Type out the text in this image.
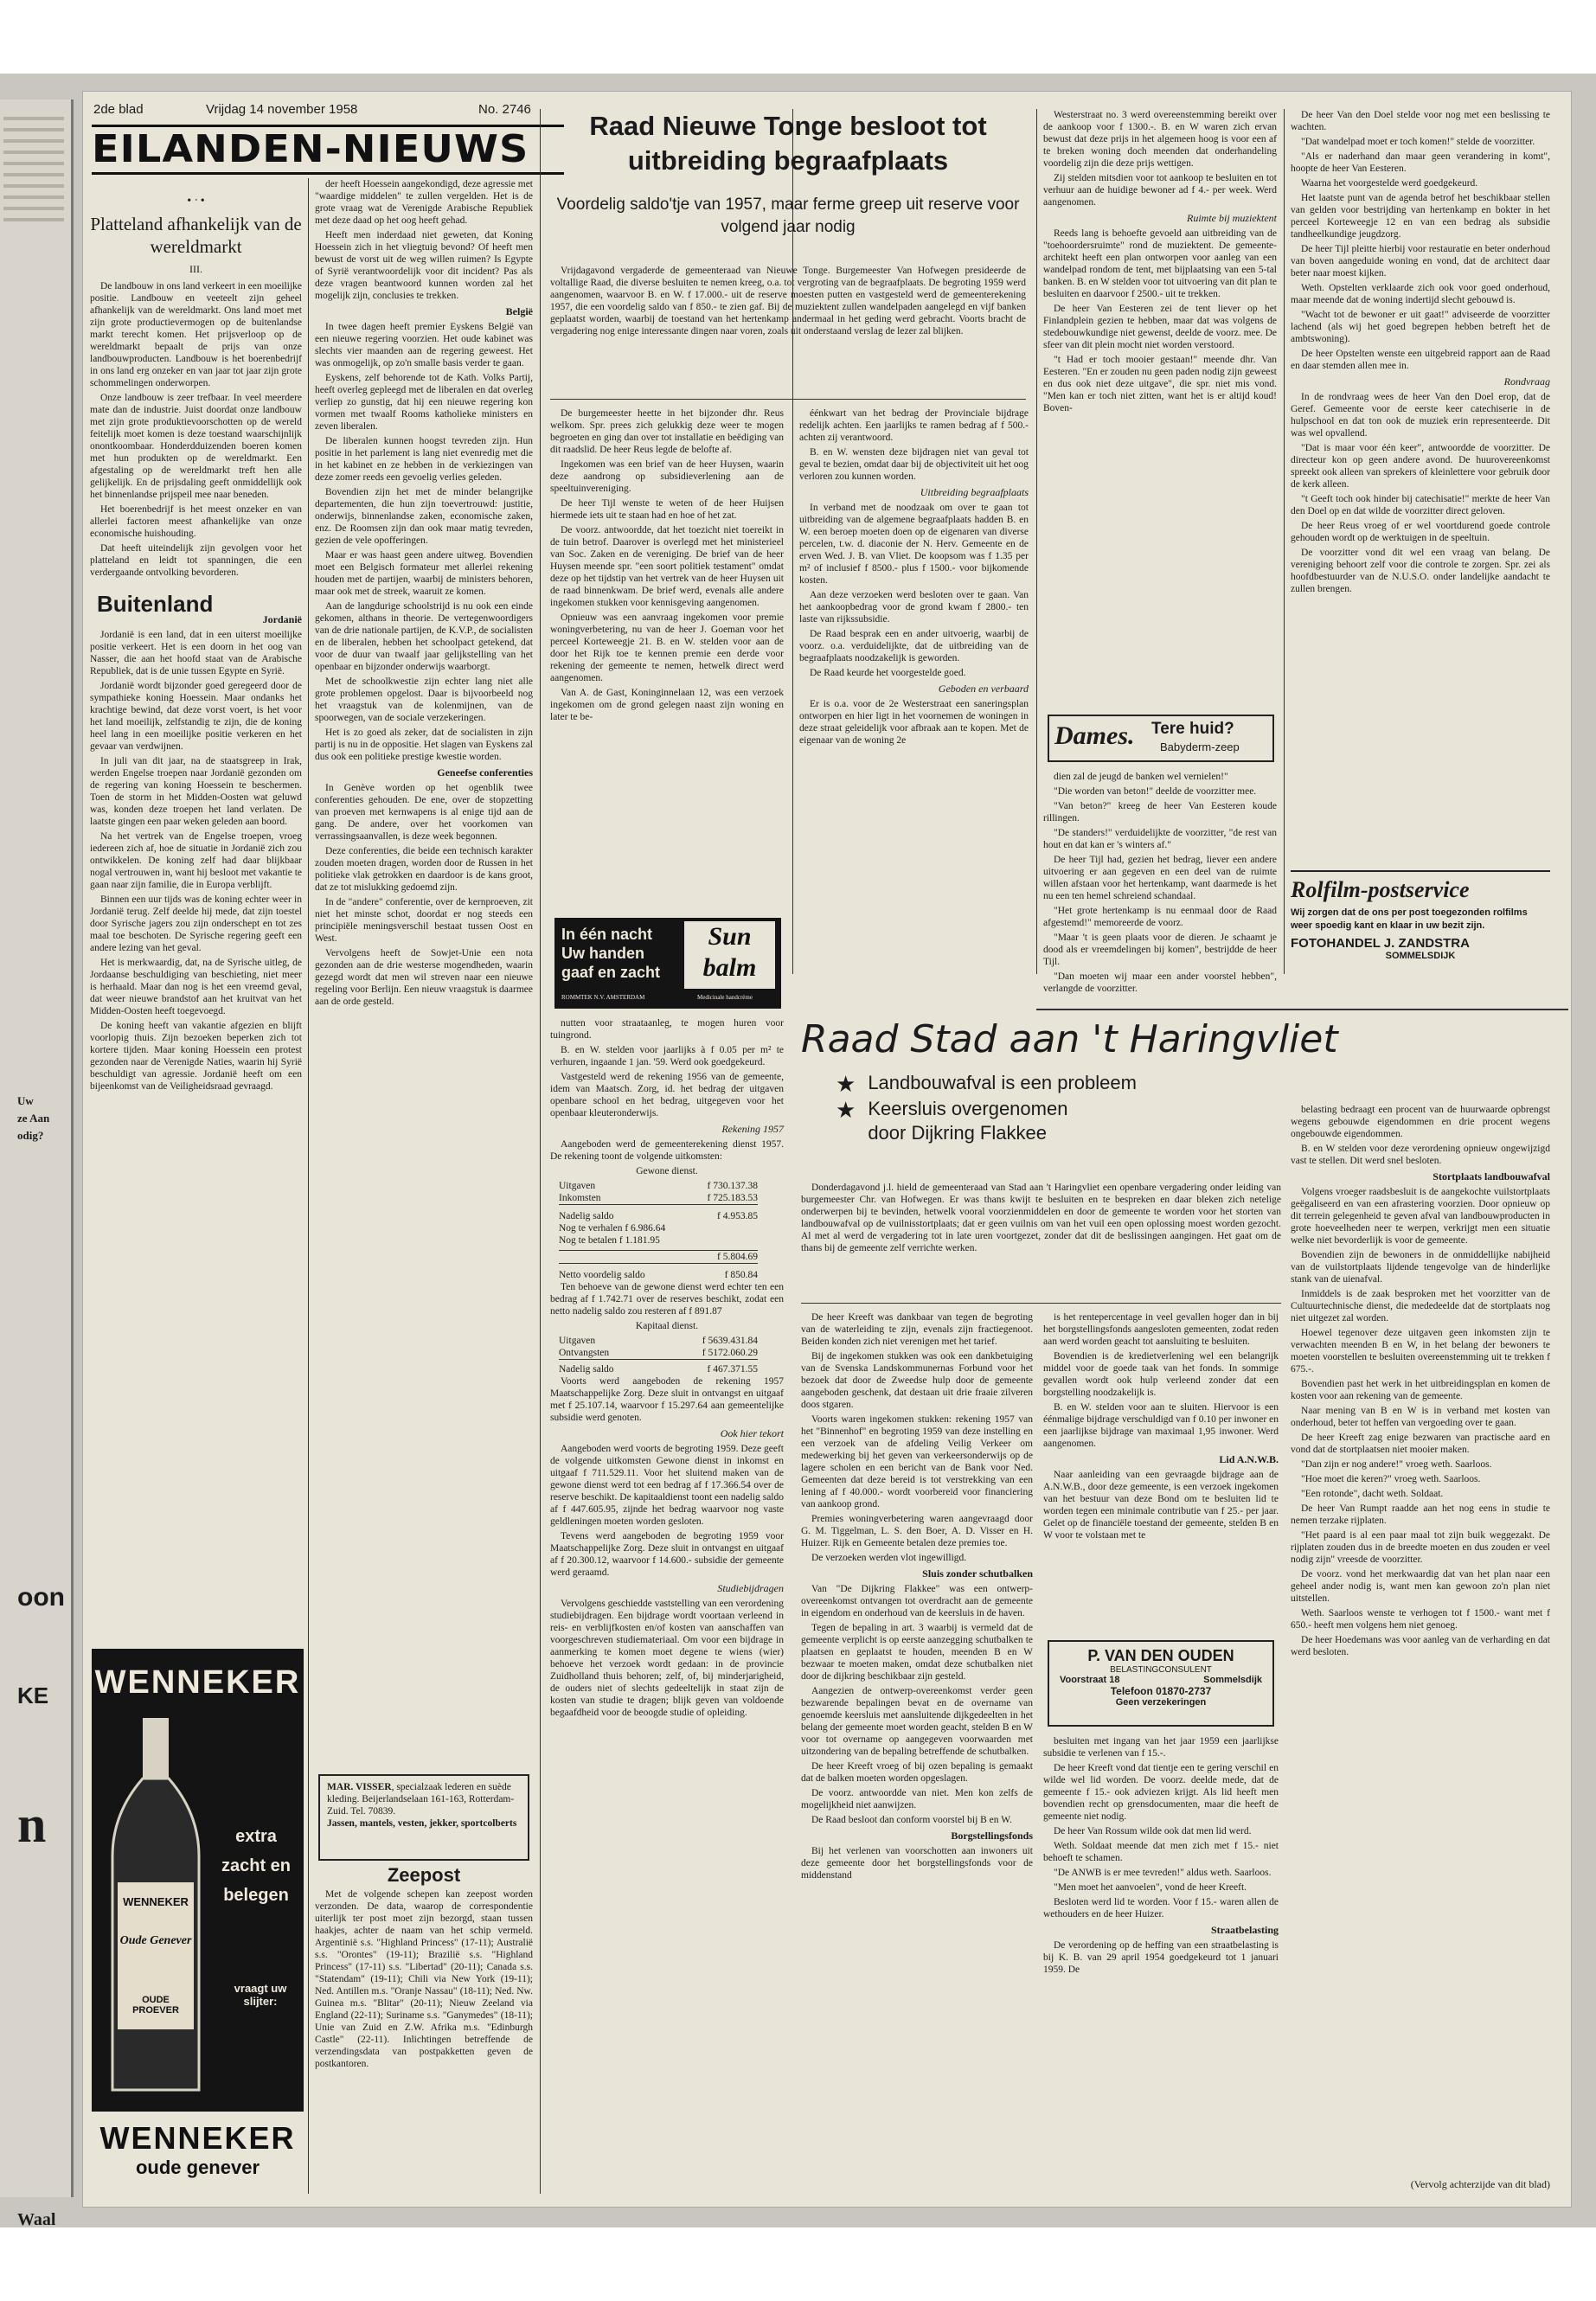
Uw
ze Aan
odig?
oon
KE
n
Waal
2de blad	Vrijdag 14 november 1958	No. 2746
EILANDEN-NIEUWS
• ᐧ •
Platteland afhankelijk van de wereldmarkt
III.

De landbouw in ons land verkeert in een moeilijke positie. Landbouw en veeteelt zijn geheel afhankelijk van de wereldmarkt. Ons land moet met zijn grote productievermogen op de buitenlandse markt terecht komen. Het prijsverloop op de wereldmarkt bepaalt de prijs van onze landbouwproducten. Landbouw is het boerenbedrijf in ons land erg onzeker en van jaar tot jaar zijn grote schommelingen onderworpen.

Onze landbouw is zeer trefbaar. In veel meerdere mate dan de industrie. Juist doordat onze landbouw met zijn grote produktievoorschotten op de wereld feitelijk moet komen is deze toestand waarschijnlijk onontkoombaar. Honderdduizenden boeren komen met hun produkten op de wereldmarkt. Een afgestaling op de wereldmarkt treft hen alle gelijkelijk. En de prijsdaling geeft onmiddellijk ook het binnenlandse prijspeil mee naar beneden.

Het boerenbedrijf is het meest onzeker en van allerlei factoren meest afhankelijke van onze economische huishouding.

Dat heeft uiteindelijk zijn gevolgen voor het platteland en leidt tot spanningen, die een verdergaande ontvolking bevorderen.

Buitenland
Jordanië

Jordanië is een land, dat in een uiterst moeilijke positie verkeert. Het is een doorn in het oog van Nasser, die aan het hoofd staat van de Arabische Republiek, dat is de unie tussen Egypte en Syrië.

Jordanië wordt bijzonder goed geregeerd door de sympathieke koning Hoessein. Maar ondanks het krachtige bewind, dat deze vorst voert, is het voor het land moeilijk, zelfstandig te zijn, die de koning heel lang in een moeilijke positie verkeren en het gevaar van verdwijnen.

In juli van dit jaar, na de staatsgreep in Irak, werden Engelse troepen naar Jordanië gezonden om de regering van koning Hoessein te beschermen. Toen de storm in het Midden-Oosten wat geluwd was, konden deze troepen het land verlaten. De laatste gingen een paar weken geleden aan boord.

Na het vertrek van de Engelse troepen, vroeg iedereen zich af, hoe de situatie in Jordanië zich zou ontwikkelen. De koning zelf had daar blijkbaar nogal vertrouwen in, want hij besloot met vakantie te gaan naar zijn familie, die in Europa verblijft.

Binnen een uur tijds was de koning echter weer in Jordanië terug. Zelf deelde hij mede, dat zijn toestel door Syrische jagers zou zijn onderschept en tot zes maal toe beschoten. De Syrische regering geeft een andere lezing van het geval.

Het is merkwaardig, dat, na de Syrische uitleg, de Jordaanse beschuldiging van beschieting, niet meer is herhaald. Maar dan nog is het een vreemd geval, dat weer nieuwe brandstof aan het kruitvat van het Midden-Oosten heeft toegevoegd.

De koning heeft van vakantie afgezien en blijft voorlopig thuis. Zijn bezoeken beperken zich tot kortere tijden. Maar koning Hoessein een protest gezonden naar de Verenigde Naties, waarin hij Syrië beschuldigt van agressie. Jordanië heeft om een bijeenkomst van de Veiligheidsraad gevraagd.

WENNEKER
WENNEKER
Oude Genever
OUDE PROEVER
extra
zacht en
belegen
vraagt uw slijter:
WENNEKER
oude genever

der heeft Hoessein aangekondigd, deze agressie met "waardige middelen" te zullen vergelden. Het is de grote vraag wat de Verenigde Arabische Republiek met deze daad op het oog heeft gehad.

Heeft men inderdaad niet geweten, dat Koning Hoessein zich in het vliegtuig bevond? Of heeft men bewust de vorst uit de weg willen ruimen? Is Egypte of Syrië verantwoordelijk voor dit incident? Pas als deze vragen beantwoord kunnen worden zal het mogelijk zijn, conclusies te trekken.

België

In twee dagen heeft premier Eyskens België van een nieuwe regering voorzien. Het oude kabinet was slechts vier maanden aan de regering geweest. Het was onmogelijk, op zo'n smalle basis verder te gaan.

Eyskens, zelf behorende tot de Kath. Volks Partij, heeft overleg gepleegd met de liberalen en dat overleg verliep zo gunstig, dat hij een nieuwe regering kon vormen met twaalf Rooms katholieke ministers en zeven liberalen.

De liberalen kunnen hoogst tevreden zijn. Hun positie in het parlement is lang niet evenredig met die in het kabinet en ze hebben in de verkiezingen van deze zomer reeds een gevoelig verlies geleden.

Bovendien zijn het met de minder belangrijke departementen, die hun zijn toevertrouwd: justitie, onderwijs, binnenlandse zaken, economische zaken, enz. De Roomsen zijn dan ook maar matig tevreden, gezien de vele opofferingen.

Maar er was haast geen andere uitweg. Bovendien moet een Belgisch formateur met allerlei rekening houden met de partijen, waarbij de ministers behoren, maar ook met de streek, waaruit ze komen.

Aan de langdurige schoolstrijd is nu ook een einde gekomen, althans in theorie. De vertegenwoordigers van de drie nationale partijen, de K.V.P., de socialisten en de liberalen, hebben het schoolpact getekend, dat voor de duur van twaalf jaar gelijkstelling van het openbaar en bijzonder onderwijs waarborgt.

Met de schoolkwestie zijn echter lang niet alle grote problemen opgelost. Daar is bijvoorbeeld nog het vraagstuk van de kolenmijnen, van de spoorwegen, van de sociale verzekeringen.

Het is zo goed als zeker, dat de socialisten in zijn partij is nu in de oppositie. Het slagen van Eyskens zal dus ook een politieke prestige kwestie worden.

Geneefse conferenties

In Genève worden op het ogenblik twee conferenties gehouden. De ene, over de stopzetting van proeven met kernwapens is al enige tijd aan de gang. De andere, over het voorkomen van verrassingsaanvallen, is deze week begonnen.

Deze conferenties, die beide een technisch karakter zouden moeten dragen, worden door de Russen in het politieke vlak getrokken en daardoor is de kans groot, dat ze tot mislukking gedoemd zijn.

In de "andere" conferentie, over de kernproeven, zit niet het minste schot, doordat er nog steeds een principiële meningsverschil bestaat tussen Oost en West.

Vervolgens heeft de Sowjet-Unie een nota gezonden aan de drie westerse mogendheden, waarin gezegd wordt dat men wil streven naar een nieuwe regeling voor Berlijn. Een nieuw vraagstuk is daarmee aan de orde gesteld.

MAR. VISSER, specialzaak lederen en suède kleding. Beijerlandselaan 161-163, Rotterdam-Zuid. Tel. 70839.
Jassen, mantels, vesten, jekker, sportcolberts
Zeepost

Met de volgende schepen kan zeepost worden verzonden. De data, waarop de correspondentie uiterlijk ter post moet zijn bezorgd, staan tussen haakjes, achter de naam van het schip vermeld. Argentinië s.s. "Highland Princess" (17-11); Australië s.s. "Orontes" (19-11); Brazilië s.s. "Highland Princess" (17-11) s.s. "Libertad" (20-11); Canada s.s. "Statendam" (19-11); Chili via New York (19-11); Ned. Antillen m.s. "Oranje Nassau" (18-11); Ned. Nw. Guinea m.s. "Blitar" (20-11); Nieuw Zeeland via England (22-11); Suriname s.s. "Ganymedes" (18-11); Unie van Zuid en Z.W. Afrika m.s. "Edinburgh Castle" (22-11). Inlichtingen betreffende de verzendingsdata van postpakketten geven de postkantoren.

Raad Nieuwe Tonge besloot tot uitbreiding begraafplaats
Voordelig saldo'tje van 1957, maar ferme greep uit reserve voor volgend jaar nodig

Vrijdagavond vergaderde de gemeenteraad van Nieuwe Tonge. Burgemeester Van Hofwegen presideerde de voltallige Raad, die diverse besluiten te nemen kreeg, o.a. tot vergroting van de begraafplaats. De begroting 1959 werd aangenomen, waarvoor B. en W. f 17.000.- uit de reserve moesten putten en vastgesteld werd de gemeenterekening 1957, die een voordelig saldo van f 850.- te zien gaf. Bij de muziektent zullen wandelpaden aangelegd en vijf banken geplaatst worden, waarbij de toestand van het hertenkamp andermaal in het geding werd gebracht. Voorts bracht de vergadering nog enige interessante dingen naar voren, zoals uit onderstaand verslag de lezer zal blijken.

De burgemeester heette in het bijzonder dhr. Reus welkom. Spr. prees zich gelukkig deze weer te mogen begroeten en ging dan over tot installatie en beëdiging van dit raadslid. De heer Reus legde de belofte af.

Ingekomen was een brief van de heer Huysen, waarin deze aandrong op subsidieverlening aan de speeltuinvereniging.

De heer Tijl wenste te weten of de heer Huijsen hiermede iets uit te staan had en hoe of het zat.

De voorz. antwoordde, dat het toezicht niet toereikt in de tuin betrof. Daarover is overlegd met het ministerieel van Soc. Zaken en de vereniging. De brief van de heer Huysen meende spr. "een soort politiek testament" omdat deze op het tijdstip van het vertrek van de heer Huysen uit de raad binnenkwam. De brief werd, evenals alle andere ingekomen stukken voor kennisgeving aangenomen.

Opnieuw was een aanvraag ingekomen voor premie woningverbetering, nu van de heer J. Goeman voor het perceel Korteweegje 21. B. en W. stelden voor aan de door het Rijk toe te kennen premie een derde voor rekening der gemeente te nemen, hetwelk direct werd aangenomen.

Van A. de Gast, Koninginnelaan 12, was een verzoek ingekomen om de grond gelegen naast zijn woning en later te be-

In één nacht
Uw handen
gaaf en zacht
Sun
balm
ROMMTEK N.V. AMSTERDAM	Medicinale handcrème

nutten voor straataanleg, te mogen huren voor tuingrond.

B. en W. stelden voor jaarlijks à f 0.05 per m² te verhuren, ingaande 1 jan. '59. Werd ook goedgekeurd.

Vastgesteld werd de rekening 1956 van de gemeente, idem van Maatsch. Zorg, id. het bedrag der uitgaven openbare school en het bedrag, uitgegeven voor het openbaar kleuteronderwijs.

Rekening 1957

Aangeboden werd de gemeenterekening dienst 1957. De rekening toont de volgende uitkomsten:

Gewone dienst.
Uitgaven	f 730.137.38
Inkomsten	f 725.183.53
Nadelig saldo	f 4.953.85
Nog te verhalen f 6.986.64
Nog te betalen f 1.181.95
f 5.804.69
Netto voordelig saldo	f 850.84

Ten behoeve van de gewone dienst werd echter ten een bedrag af f 1.742.71 over de reserves beschikt, zodat een netto nadelig saldo zou resteren af f 891.87

Kapitaal dienst.
Uitgaven	f 5639.431.84
Ontvangsten	f 5172.060.29
Nadelig saldo	f 467.371.55

Voorts werd aangeboden de rekening 1957 Maatschappelijke Zorg. Deze sluit in ontvangst en uitgaaf met f 25.107.14, waarvoor f 15.297.64 aan gemeentelijke subsidie werd genoten.

Ook hier tekort

Aangeboden werd voorts de begroting 1959. Deze geeft de volgende uitkomsten Gewone dienst in inkomst en uitgaaf f 711.529.11. Voor het sluitend maken van de gewone dienst werd tot een bedrag af f 17.366.54 over de reserve beschikt. De kapitaaldienst toont een nadelig saldo af f 447.605.95, zijnde het bedrag waarvoor nog vaste geldleningen moeten worden gesloten.

Tevens werd aangeboden de begroting 1959 voor Maatschappelijke Zorg. Deze sluit in ontvangst en uitgaaf af f 20.300.12, waarvoor f 14.600.- subsidie der gemeente werd geraamd.

Studiebijdragen

Vervolgens geschiedde vaststelling van een verordening studiebijdragen. Een bijdrage wordt voortaan verleend in reis- en verblijfkosten en/of kosten van aanschaffen van voorgeschreven studiemateriaal. Om voor een bijdrage in aanmerking te komen moet degene te wiens (wier) behoeve het verzoek wordt gedaan: in de provincie Zuidholland thuis behoren; zelf, of, bij minderjarigheid, de ouders niet of slechts gedeeltelijk in staat zijn de kosten van studie te dragen; blijk geven van voldoende begaafdheid voor de beoogde studie of opleiding.

éénkwart van het bedrag der Provinciale bijdrage redelijk achten. Een jaarlijks te ramen bedrag af f 500.- achten zij verantwoord.

B. en W. wensten deze bijdragen niet van geval tot geval te bezien, omdat daar bij de objectiviteit uit het oog verloren zou kunnen worden.

Uitbreiding begraafplaats

In verband met de noodzaak om over te gaan tot uitbreiding van de algemene begraafplaats hadden B. en W. een beroep moeten doen op de eigenaren van diverse percelen, t.w. d. diaconie der N. Herv. Gemeente en de erven Wed. J. B. van Vliet. De koopsom was f 1.35 per m² of inclusief f 8500.- plus f 1500.- voor bijkomende kosten.

Aan deze verzoeken werd besloten over te gaan. Van het aankoopbedrag voor de grond kwam f 2800.- ten laste van rijkssubsidie.

De Raad besprak een en ander uitvoerig, waarbij de voorz. o.a. verduidelijkte, dat de uitbreiding van de begraafplaats noodzakelijk is geworden.

De Raad keurde het voorgestelde goed.

Geboden en verbaard

Er is o.a. voor de 2e Westerstraat een saneringsplan ontworpen en hier ligt in het voornemen de woningen in deze straat geleidelijk voor afbraak aan te kopen. Met de eigenaar van de woning 2e

Westerstraat no. 3 werd overeenstemming bereikt over de aankoop voor f 1300.-. B. en W waren zich ervan bewust dat deze prijs in het algemeen hoog is voor een af te breken woning doch meenden dat onderhandeling voordelig zijn die deze prijs wettigen.

Zij stelden mitsdien voor tot aankoop te besluiten en tot verhuur aan de huidige bewoner ad f 4.- per week. Werd aangenomen.

Ruimte bij muziektent

Reeds lang is behoefte gevoeld aan uitbreiding van de "toehoordersruimte" rond de muziektent. De gemeente-architekt heeft een plan ontworpen voor aanleg van een wandelpad rondom de tent, met bijplaatsing van een 5-tal banken. B. en W stelden voor tot uitvoering van dit plan te besluiten en daarvoor f 2500.- uit te trekken.

De heer Van Eesteren zei de tent liever op het Finlandplein gezien te hebben, maar dat was volgens de stedebouwkundige niet gewenst, deelde de voorz. mee. De sfeer van dit plein mocht niet worden verstoord.

"t Had er toch mooier gestaan!" meende dhr. Van Eesteren. "En er zouden nu geen paden nodig zijn geweest en dus ook niet deze uitgave", die spr. niet mis vond. "Men kan er toch niet zitten, want het is er altijd koud! Boven-

Dames. Tere huid?
Babyderm-zeep

dien zal de jeugd de banken wel vernielen!"

"Die worden van beton!" deelde de voorzitter mee.

"Van beton?" kreeg de heer Van Eesteren koude rillingen.

"De standers!" verduidelijkte de voorzitter, "de rest van hout en dat kan er 's winters af."

De heer Tijl had, gezien het bedrag, liever een andere uitvoering er aan gegeven en een deel van de ruimte willen afstaan voor het hertenkamp, want daarmede is het nu een ten hemel schreiend schandaal.

"Het grote hertenkamp is nu eenmaal door de Raad afgestemd!" memoreerde de voorz.

"Maar 't is geen plaats voor de dieren. Je schaamt je dood als er vreemdelingen bij komen", bestrijdde de heer Tijl.

"Dan moeten wij maar een ander voorstel hebben", verlangde de voorzitter.

De heer Van den Doel stelde voor nog met een beslissing te wachten.

"Dat wandelpad moet er toch komen!" stelde de voorzitter.

"Als er naderhand dan maar geen verandering in komt", hoopte de heer Van Eesteren.

Waarna het voorgestelde werd goedgekeurd.

Het laatste punt van de agenda betrof het beschikbaar stellen van gelden voor bestrijding van hertenkamp en bokter in het perceel Korteweegje 12 en van een bedrag als subsidie tandheelkundige jeugdzorg.

De heer Tijl pleitte hierbij voor restauratie en beter onderhoud van boven aangeduide woning en vond, dat de architect daar beter naar moest kijken.

Weth. Opstelten verklaarde zich ook voor goed onderhoud, maar meende dat de woning indertijd slecht gebouwd is.

"Wacht tot de bewoner er uit gaat!" adviseerde de voorzitter lachend (als wij het goed begrepen hebben betreft het de ambtswoning).

De heer Opstelten wenste een uitgebreid rapport aan de Raad en daar stemden allen mee in.

Rondvraag

In de rondvraag wees de heer Van den Doel erop, dat de Geref. Gemeente voor de eerste keer catechiserie in de hulpschool en dat ton ook de muziek erin representeerde. Dit was wel opvallend.

"Dat is maar voor één keer", antwoordde de voorzitter. De directeur kon op geen andere avond. De huurovereenkomst spreekt ook alleen van sprekers of kleinlettere voor gebruik door de kerk alleen.

"t Geeft toch ook hinder bij catechisatie!" merkte de heer Van den Doel op en dat wilde de voorzitter direct geloven.

De heer Reus vroeg of er wel voortdurend goede controle gehouden wordt op de werktuigen in de speeltuin.

De voorzitter vond dit wel een vraag van belang. De vereniging behoort zelf voor die controle te zorgen. Spr. zei als hoofdbestuurder van de N.U.S.O. onder landelijke aandacht te zullen brengen.

Rolfilm-postservice
Wij zorgen dat de ons per post toegezonden rolfilms weer spoedig kant en klaar in uw bezit zijn.
FOTOHANDEL J. ZANDSTRA
SOMMELSDIJK
Raad Stad aan 't Haringvliet
★ Landbouwafval is een probleem
★ Keersluis overgenomen door Dijkring Flakkee

Donderdagavond j.l. hield de gemeenteraad van Stad aan 't Haringvliet een openbare vergadering onder leiding van burgemeester Chr. van Hofwegen. Er was thans kwijt te besluiten en te bespreken en daar bleken zich netelige onderwerpen bij te bevinden, hetwelk vooral voorzienmiddelen en door de gemeente te worden voor het storten van landbouwafval op de vuilnisstortplaats; dat er geen vuilnis om van het vuil een open oplossing moest worden gezocht. Al met al werd de vergadering tot in late uren voortgezet, zonder dat dit de beslissingen aangingen. Het gaat om de thans bij de gemeente zelf verrichte werken.

De heer Kreeft was dankbaar van tegen de begroting van de waterleiding te zijn, evenals zijn fractiegenoot. Beiden konden zich niet verenigen met het tarief.

Bij de ingekomen stukken was ook een dankbetuiging van de Svenska Landskommunernas Forbund voor het bezoek dat door de Zweedse hulp door de gemeente aangeboden geschenk, dat destaan uit drie fraaie zilveren doos stgaren.

Voorts waren ingekomen stukken: rekening 1957 van het "Binnenhof" en begroting 1959 van deze instelling en een verzoek van de afdeling Veilig Verkeer om medewerking bij het geven van verkeersonderwijs op de lagere scholen en een bericht van de Bank voor Ned. Gemeenten dat deze bereid is tot verstrekking van een lening af f 40.000.- wordt voorbereid voor financiering van aankoop grond.

Premies woningverbetering waren aangevraagd door G. M. Tiggelman, L. S. den Boer, A. D. Visser en H. Huizer. Rijk en Gemeente betalen deze premies toe.

De verzoeken werden vlot ingewilligd.

Sluis zonder schutbalken

Van "De Dijkring Flakkee" was een ontwerp-overeenkomst ontvangen tot overdracht aan de gemeente in eigendom en onderhoud van de keersluis in de haven.

Tegen de bepaling in art. 3 waarbij is vermeld dat de gemeente verplicht is op eerste aanzegging schutbalken te plaatsen en geplaatst te houden, meenden B en W bezwaar te moeten maken, omdat deze schutbalken niet door de dijkring beschikbaar zijn gesteld.

Aangezien de ontwerp-overeenkomst verder geen bezwarende bepalingen bevat en de overname van genoemde keersluis met aansluitende dijkgedeelten in het belang der gemeente moet worden geacht, stelden B en W voor tot overname op aangegeven voorwaarden met uitzondering van de bepaling betreffende de schutbalken.

De heer Kreeft vroeg of bij ozen bepaling is gemaakt dat de balken moeten worden opgeslagen.

De voorz. antwoordde van niet. Men kon zelfs de mogelijkheid niet aanwijzen.

De Raad besloot dan conform voorstel bij B en W.

Borgstellingsfonds

Bij het verlenen van voorschotten aan inwoners uit deze gemeente door het borgstellingsfonds voor de middenstand

is het rentepercentage in veel gevallen hoger dan in bij het borgstellingsfonds aangesloten gemeenten, zodat reden aan werd worden geacht tot aansluiting te besluiten.

Bovendien is de kredietverlening wel een belangrijk middel voor de goede taak van het fonds. In sommige gevallen wordt ook hulp verleend zonder dat een borgstelling noodzakelijk is.

B. en W. stelden voor aan te sluiten. Hiervoor is een éénmalige bijdrage verschuldigd van f 0.10 per inwoner en een jaarlijkse bijdrage van maximaal 1,95 inwoner. Werd aangenomen.

Lid A.N.W.B.

Naar aanleiding van een gevraagde bijdrage aan de A.N.W.B., door deze gemeente, is een verzoek ingekomen van het bestuur van deze Bond om te besluiten lid te worden tegen een minimale contributie van f 25.- per jaar. Gelet op de financiële toestand der gemeente, stelden B en W voor te volstaan met te

P. VAN DEN OUDEN
BELASTINGCONSULENT
Voorstraat 18	Sommelsdijk
Telefoon 01870-2737
Geen verzekeringen

besluiten met ingang van het jaar 1959 een jaarlijkse subsidie te verlenen van f 15.-.

De heer Kreeft vond dat tientje een te gering verschil en wilde wel lid worden. De voorz. deelde mede, dat de gemeente f 15.- ook adviezen krijgt. Als lid heeft men bovendien recht op grensdocumenten, maar die heeft de gemeente niet nodig.

De heer Van Rossum wilde ook dat men lid werd.

Weth. Soldaat meende dat men zich met f 15.- niet behoeft te schamen.

"De ANWB is er mee tevreden!" aldus weth. Saarloos.

"Men moet het aanvoelen", vond de heer Kreeft.

Besloten werd lid te worden. Voor f 15.- waren allen de wethouders en de heer Huizer.

Straatbelasting

De verordening op de heffing van een straatbelasting is bij K. B. van 29 april 1954 goedgekeurd tot 1 januari 1959. De

belasting bedraagt een procent van de huurwaarde opbrengst wegens gebouwde eigendommen en drie procent wegens ongebouwde eigendommen.

B. en W stelden voor deze verordening opnieuw ongewijzigd vast te stellen. Dit werd snel besloten.

Stortplaats landbouwafval

Volgens vroeger raadsbesluit is de aangekochte vuilstortplaats geëgaliseerd en van een afrastering voorzien. Door opnieuw op dit terrein gelegenheid te geven afval van landbouwproducten in grote hoeveelheden neer te werpen, verkrijgt men een situatie welke niet bevorderlijk is voor de gemeente.

Bovendien zijn de bewoners in de onmiddellijke nabijheid van de vuilstortplaats lijdende tengevolge van de hinderlijke stank van de uienafval.

Inmiddels is de zaak besproken met het voorzitter van de Cultuurtechnische dienst, die mededeelde dat de stortplaats nog niet uitgezet zal worden.

Hoewel tegenover deze uitgaven geen inkomsten zijn te verwachten meenden B en W, in het belang der bewoners te moeten voorstellen te besluiten overeenstemming uit te trekken f 675.-.

Bovendien past het werk in het uitbreidingsplan en komen de kosten voor aan rekening van de gemeente.

Naar mening van B en W is in verband met kosten van onderhoud, beter tot heffen van vergoeding over te gaan.

De heer Kreeft zag enige bezwaren van practische aard en vond dat de stortplaatsen niet mooier maken.

"Dan zijn er nog andere!" vroeg weth. Saarloos.

"Hoe moet die keren?" vroeg weth. Saarloos.

"Een rotonde", dacht weth. Soldaat.

De heer Van Rumpt raadde aan het nog eens in studie te nemen terzake rijplaten.

"Het paard is al een paar maal tot zijn buik weggezakt. De rijplaten zouden dus in de breedte moeten en dus zouden er veel nodig zijn" vreesde de voorzitter.

De voorz. vond het merkwaardig dat van het plan naar een geheel ander nodig is, want men kan gewoon zo'n plan niet uitstellen.

Weth. Saarloos wenste te verhogen tot f 1500.- want met f 650.- heeft men volgens hem niet genoeg.

De heer Hoedemans was voor aanleg van de verharding en dat werd besloten.

(Vervolg achterzijde van dit blad)
